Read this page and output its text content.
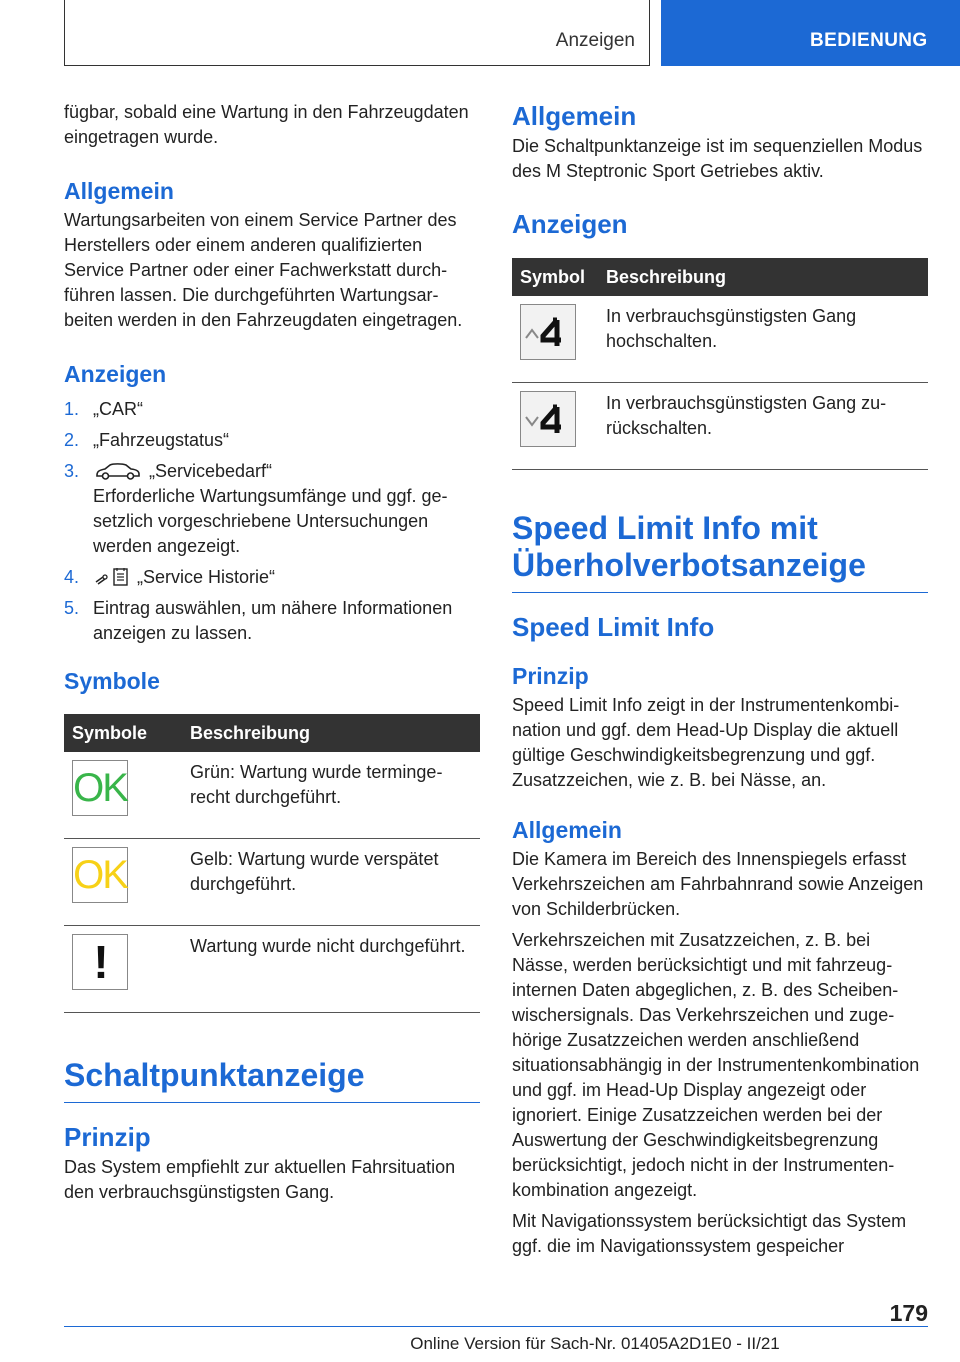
Anzeigen	BEDIENUNG

fügbar, sobald eine Wartung in den Fahrzeugdaten eingetragen wurde.

Allgemein

Wartungsarbeiten von einem Service Partner des Herstellers oder einem anderen qualifizierten Service Partner oder einer Fachwerkstatt durchführen lassen. Die durchgeführten Wartungsarbeiten werden in den Fahrzeugdaten eingetragen.

Anzeigen
1. „CAR“
2. „Fahrzeugstatus“
3.	„Servicebedarf“
Erforderliche Wartungsumfänge und ggf. gesetzlich vorgeschriebene Untersuchungen werden angezeigt.
4.	„Service Historie“
5. Eintrag auswählen, um nähere Informationen anzeigen zu lassen.
Symbole
Symbole	Beschreibung

OK	Grün: Wartung wurde termingerecht durchgeführt.

OK	Gelb: Wartung wurde verspätet durchgeführt.

!	Wartung wurde nicht durchgeführt.
Schaltpunktanzeige
Prinzip

Das System empfiehlt zur aktuellen Fahrsituation den verbrauchsgünstigsten Gang.

Allgemein

Die Schaltpunktanzeige ist im sequenziellen Modus des M Steptronic Sport Getriebes aktiv.

Anzeigen
Symbol	Beschreibung

	In verbrauchsgünstigsten Gang hochschalten.

	In verbrauchsgünstigsten Gang zurückschalten.
Speed Limit Info mit Überholverbotsanzeige
Speed Limit Info
Prinzip

Speed Limit Info zeigt in der Instrumentenkombination und ggf. dem Head-Up Display die aktuell gültige Geschwindigkeitsbegrenzung und ggf. Zusatzzeichen, wie z. B. bei Nässe, an.

Allgemein

Die Kamera im Bereich des Innenspiegels erfasst Verkehrszeichen am Fahrbahnrand sowie Anzeigen von Schilderbrücken.

Verkehrszeichen mit Zusatzzeichen, z. B. bei Nässe, werden berücksichtigt und mit fahrzeuginternen Daten abgeglichen, z. B. des Scheibenwischersignals. Das Verkehrszeichen und zugehörige Zusatzzeichen werden anschließend situationsabhängig in der Instrumentenkombination und ggf. im Head-Up Display angezeigt oder ignoriert. Einige Zusatzzeichen werden bei der Auswertung der Geschwindigkeitsbegrenzung berücksichtigt, jedoch nicht in der Instrumentenkombination angezeigt.

Mit Navigationssystem berücksichtigt das System ggf. die im Navigationssystem gespeicher

179
Online Version für Sach-Nr. 01405A2D1E0 - II/21
